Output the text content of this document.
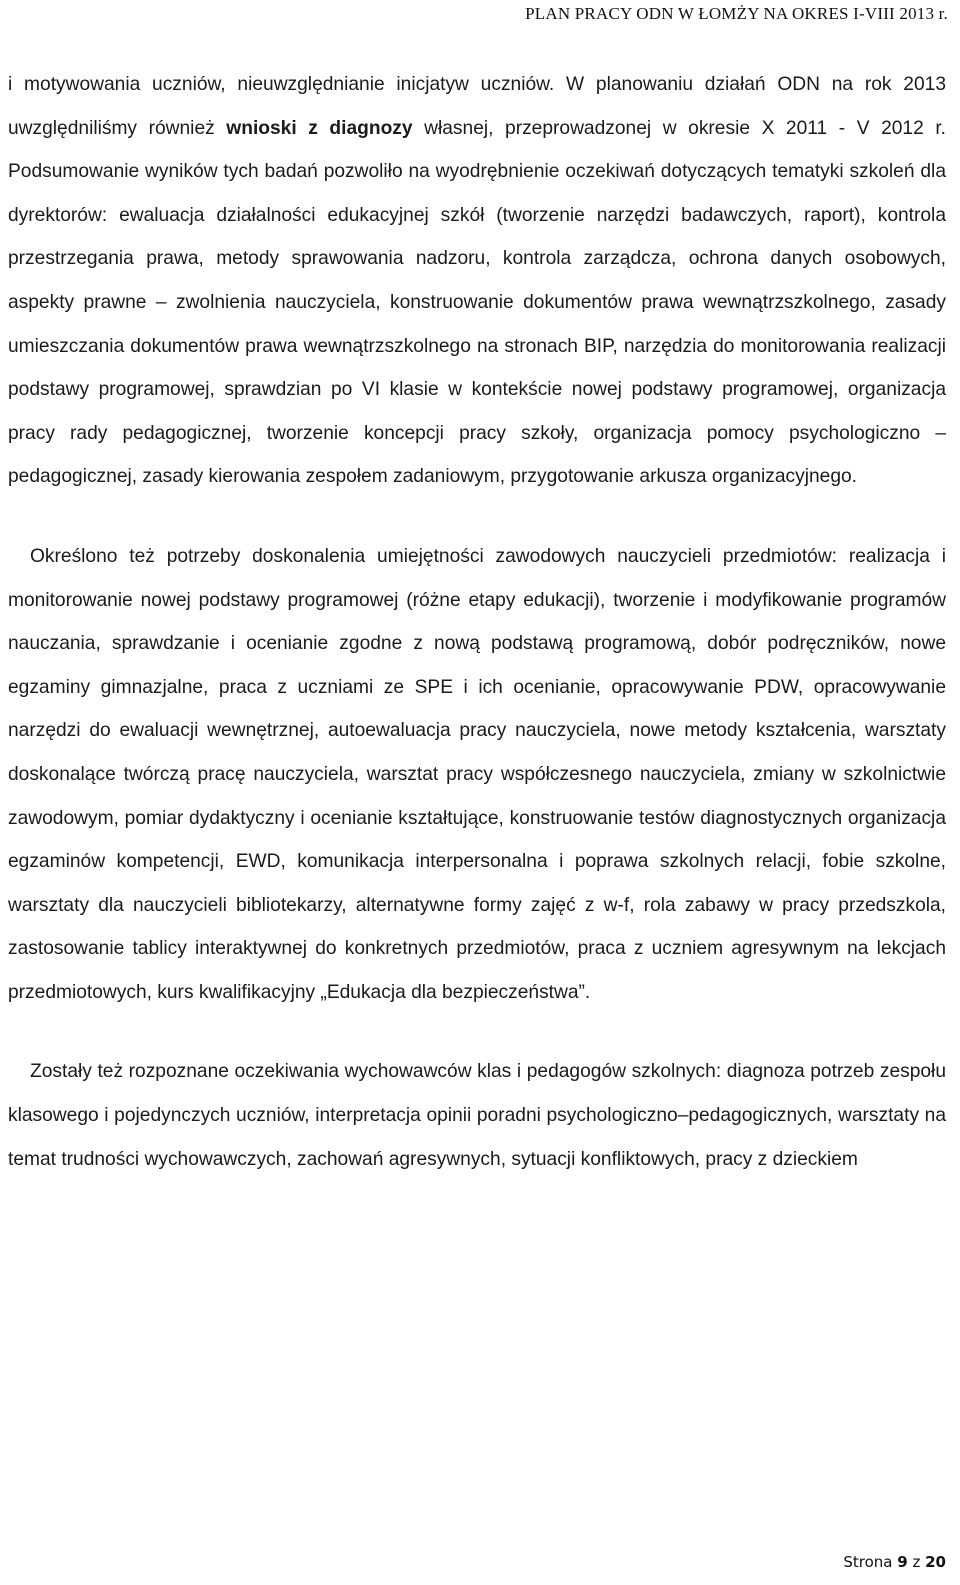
PLAN PRACY ODN W ŁOMŻY NA OKRES I-VIII 2013 r.

i motywowania uczniów, nieuwzględnianie inicjatyw uczniów. W planowaniu działań ODN na rok 2013 uwzględniliśmy również wnioski z diagnozy własnej, przeprowadzonej w okresie X 2011 - V 2012 r. Podsumowanie wyników tych badań pozwoliło na wyodrębnienie oczekiwań dotyczących tematyki szkoleń dla dyrektorów: ewaluacja działalności edukacyjnej szkół (tworzenie narzędzi badawczych, raport), kontrola przestrzegania prawa, metody sprawowania nadzoru, kontrola zarządcza, ochrona danych osobowych, aspekty prawne – zwolnienia nauczyciela, konstruowanie dokumentów prawa wewnątrzszkolnego, zasady umieszczania dokumentów prawa wewnątrzszkolnego na stronach BIP, narzędzia do monitorowania realizacji podstawy programowej, sprawdzian po VI klasie w kontekście nowej podstawy programowej, organizacja pracy rady pedagogicznej, tworzenie koncepcji pracy szkoły, organizacja pomocy psychologiczno – pedagogicznej, zasady kierowania zespołem zadaniowym, przygotowanie arkusza organizacyjnego.

Określono też potrzeby doskonalenia umiejętności zawodowych nauczycieli przedmiotów: realizacja i monitorowanie nowej podstawy programowej (różne etapy edukacji), tworzenie i modyfikowanie programów nauczania, sprawdzanie i ocenianie zgodne z nową podstawą programową, dobór podręczników, nowe egzaminy gimnazjalne, praca z uczniami ze SPE i ich ocenianie, opracowywanie PDW, opracowywanie narzędzi do ewaluacji wewnętrznej, autoewaluacja pracy nauczyciela, nowe metody kształcenia, warsztaty doskonalące twórczą pracę nauczyciela, warsztat pracy współczesnego nauczyciela, zmiany w szkolnictwie zawodowym, pomiar dydaktyczny i ocenianie kształtujące, konstruowanie testów diagnostycznych organizacja egzaminów kompetencji, EWD, komunikacja interpersonalna i poprawa szkolnych relacji, fobie szkolne, warsztaty dla nauczycieli bibliotekarzy, alternatywne formy zajęć z w-f, rola zabawy w pracy przedszkola, zastosowanie tablicy interaktywnej do konkretnych przedmiotów, praca z uczniem agresywnym na lekcjach przedmiotowych, kurs kwalifikacyjny „Edukacja dla bezpieczeństwa”.

Zostały też rozpoznane oczekiwania wychowawców klas i pedagogów szkolnych: diagnoza potrzeb zespołu klasowego i pojedynczych uczniów, interpretacja opinii poradni psychologiczno–pedagogicznych, warsztaty na temat trudności wychowawczych, zachowań agresywnych, sytuacji konfliktowych, pracy z dzieckiem

Strona 9 z 20
